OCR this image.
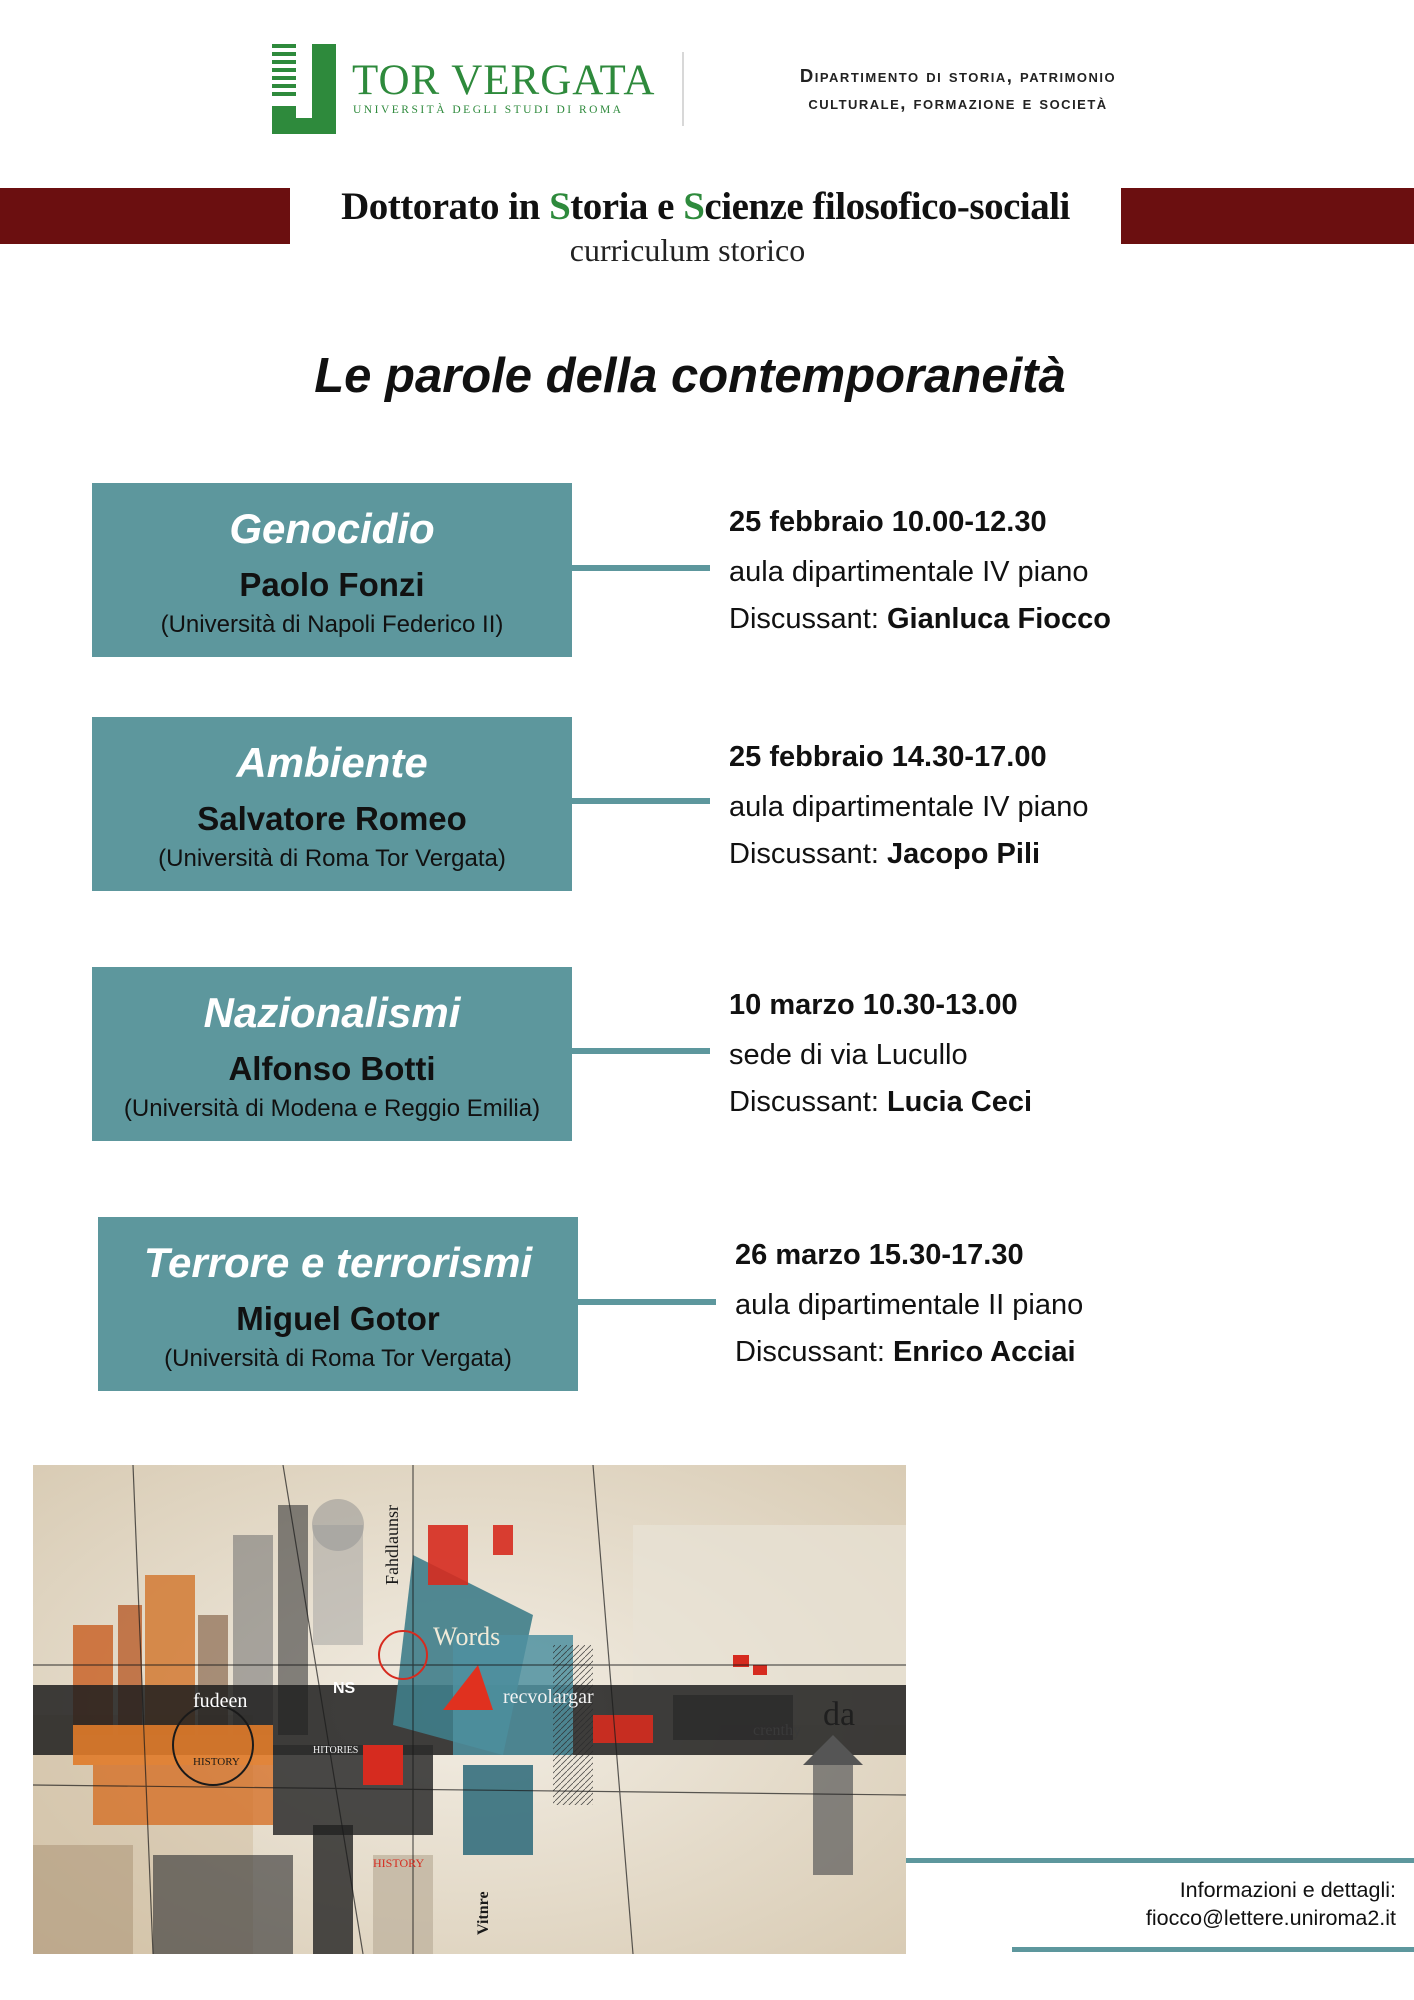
TOR VERGATA
UNIVERSITÀ DEGLI STUDI DI ROMA
Dipartimento di storia, patrimonio
culturale, formazione e società
Dottorato in Storia e Scienze filosofico-sociali
curriculum storico
Le parole della contemporaneità
Genocidio
Paolo Fonzi
(Università di Napoli Federico II)
25 febbraio 10.00-12.30
aula dipartimentale IV piano
Discussant: Gianluca Fiocco
Ambiente
Salvatore Romeo
(Università di Roma Tor Vergata)
25 febbraio 14.30-17.00
aula dipartimentale IV piano
Discussant: Jacopo Pili
Nazionalismi
Alfonso Botti
(Università di Modena e Reggio Emilia)
10 marzo 10.30-13.00
sede di via Lucullo
Discussant: Lucia Ceci
Terrore e terrorismi
Miguel Gotor
(Università di Roma Tor Vergata)
26 marzo 15.30-17.30
aula dipartimentale II piano
Discussant: Enrico Acciai
Words
fudeen
NS	recvolargar
crenthy da
HISTORY
HITORIES
HISTORY
Vitnre
Fahdlaunsr
Informazioni e dettagli:
fiocco@lettere.uniroma2.it
